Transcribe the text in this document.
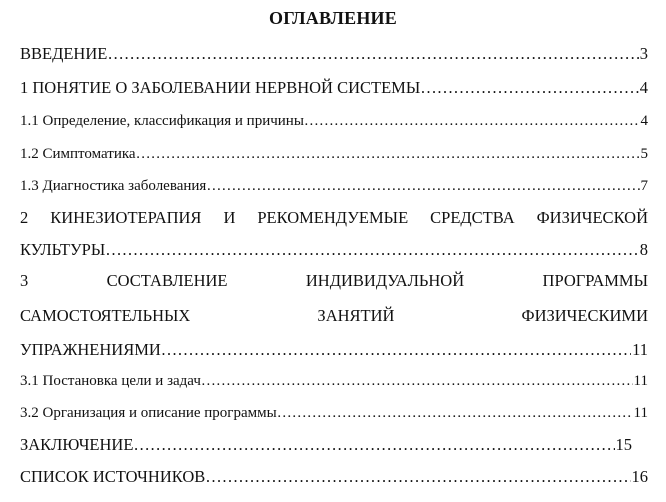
ОГЛАВЛЕНИЕ
ВВЕДЕНИЕ ………………………………………………………………………………………………………………………………………………………………………………………………	3
1 ПОНЯТИЕ О ЗАБОЛЕВАНИИ НЕРВНОЙ СИСТЕМЫ ………………………………………………………………………………………………………………………………………………………………………………………………	4
1.1 Определение, классификация и причины ………………………………………………………………………………………………………………………………………………………………………………………………	4
1.2 Симптоматика ………………………………………………………………………………………………………………………………………………………………………………………………	5
1.3 Диагностика заболевания ………………………………………………………………………………………………………………………………………………………………………………………………	7
2 КИНЕЗИОТЕРАПИЯ И РЕКОМЕНДУЕМЫЕ СРЕДСТВА ФИЗИЧЕСКОЙ
КУЛЬТУРЫ ………………………………………………………………………………………………………………………………………………………………………………………………	8
3	СОСТАВЛЕНИЕ	ИНДИВИДУАЛЬНОЙ	ПРОГРАММЫ
САМОСТОЯТЕЛЬНЫХ	ЗАНЯТИЙ	ФИЗИЧЕСКИМИ
УПРАЖНЕНИЯМИ ………………………………………………………………………………………………………………………………………………………………………………………………	11
3.1 Постановка цели и задач ………………………………………………………………………………………………………………………………………………………………………………………………	11
3.2 Организация и описание программы ………………………………………………………………………………………………………………………………………………………………………………………………	11
ЗАКЛЮЧЕНИЕ ………………………………………………………………………………………………………………………………………………………………………………………………	15
СПИСОК ИСТОЧНИКОВ ………………………………………………………………………………………………………………………………………………………………………………………………	16
